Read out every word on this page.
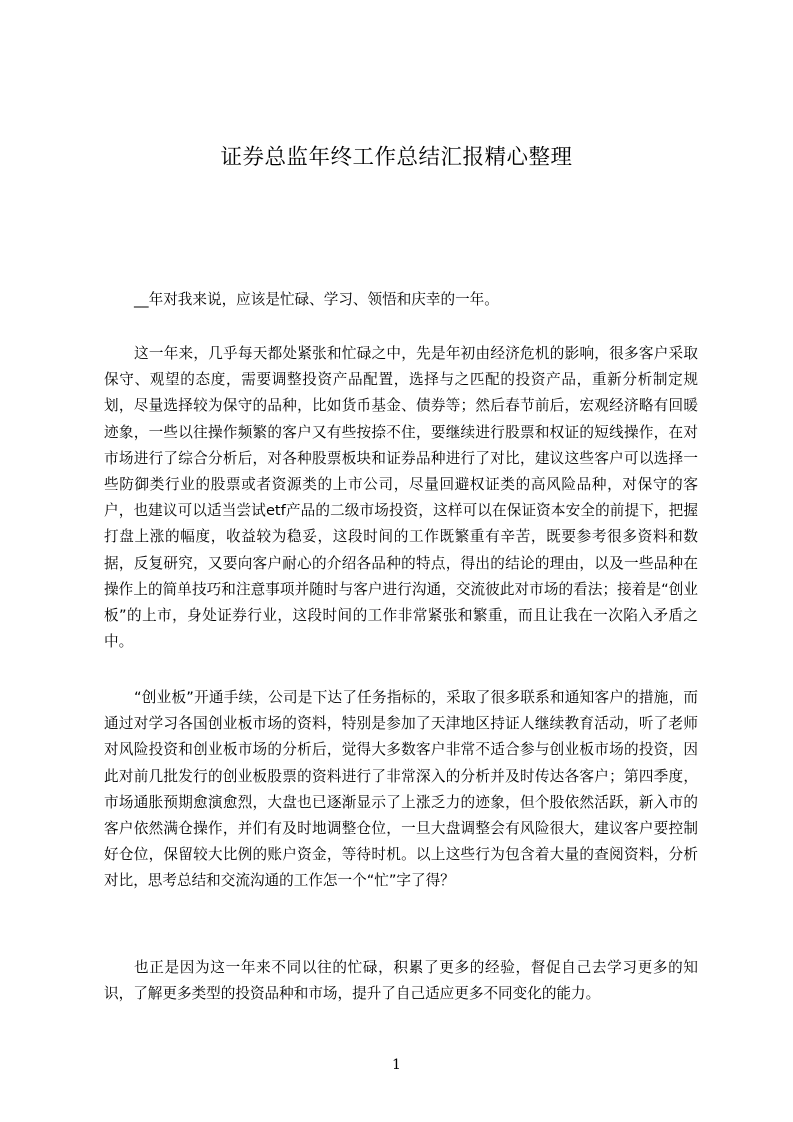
证券总监年终工作总结汇报精心整理

__年对我来说，应该是忙碌、学习、领悟和庆幸的一年。

这一年来，几乎每天都处紧张和忙碌之中，先是年初由经济危机的影响，很多客户采取保守、观望的态度，需要调整投资产品配置，选择与之匹配的投资产品，重新分析制定规划，尽量选择较为保守的品种，比如货币基金、债券等；然后春节前后，宏观经济略有回暖迹象，一些以往操作频繁的客户又有些按捺不住，要继续进行股票和权证的短线操作，在对市场进行了综合分析后，对各种股票板块和证券品种进行了对比，建议这些客户可以选择一些防御类行业的股票或者资源类的上市公司，尽量回避权证类的高风险品种，对保守的客户，也建议可以适当尝试etf产品的二级市场投资，这样可以在保证资本安全的前提下，把握打盘上涨的幅度，收益较为稳妥，这段时间的工作既繁重有辛苦，既要参考很多资料和数据，反复研究，又要向客户耐心的介绍各品种的特点，得出的结论的理由，以及一些品种在操作上的简单技巧和注意事项并随时与客户进行沟通，交流彼此对市场的看法；接着是“创业板”的上市，身处证券行业，这段时间的工作非常紧张和繁重，而且让我在一次陷入矛盾之中。

“创业板”开通手续，公司是下达了任务指标的，采取了很多联系和通知客户的措施，而通过对学习各国创业板市场的资料，特别是参加了天津地区持证人继续教育活动，听了老师对风险投资和创业板市场的分析后，觉得大多数客户非常不适合参与创业板市场的投资，因此对前几批发行的创业板股票的资料进行了非常深入的分析并及时传达各客户；第四季度，市场通胀预期愈演愈烈，大盘也已逐渐显示了上涨乏力的迹象，但个股依然活跃，新入市的客户依然满仓操作，并们有及时地调整仓位，一旦大盘调整会有风险很大，建议客户要控制好仓位，保留较大比例的账户资金，等待时机。以上这些行为包含着大量的查阅资料，分析对比，思考总结和交流沟通的工作怎一个“忙”字了得？

也正是因为这一年来不同以往的忙碌，积累了更多的经验，督促自己去学习更多的知识，了解更多类型的投资品种和市场，提升了自己适应更多不同变化的能力。

1
